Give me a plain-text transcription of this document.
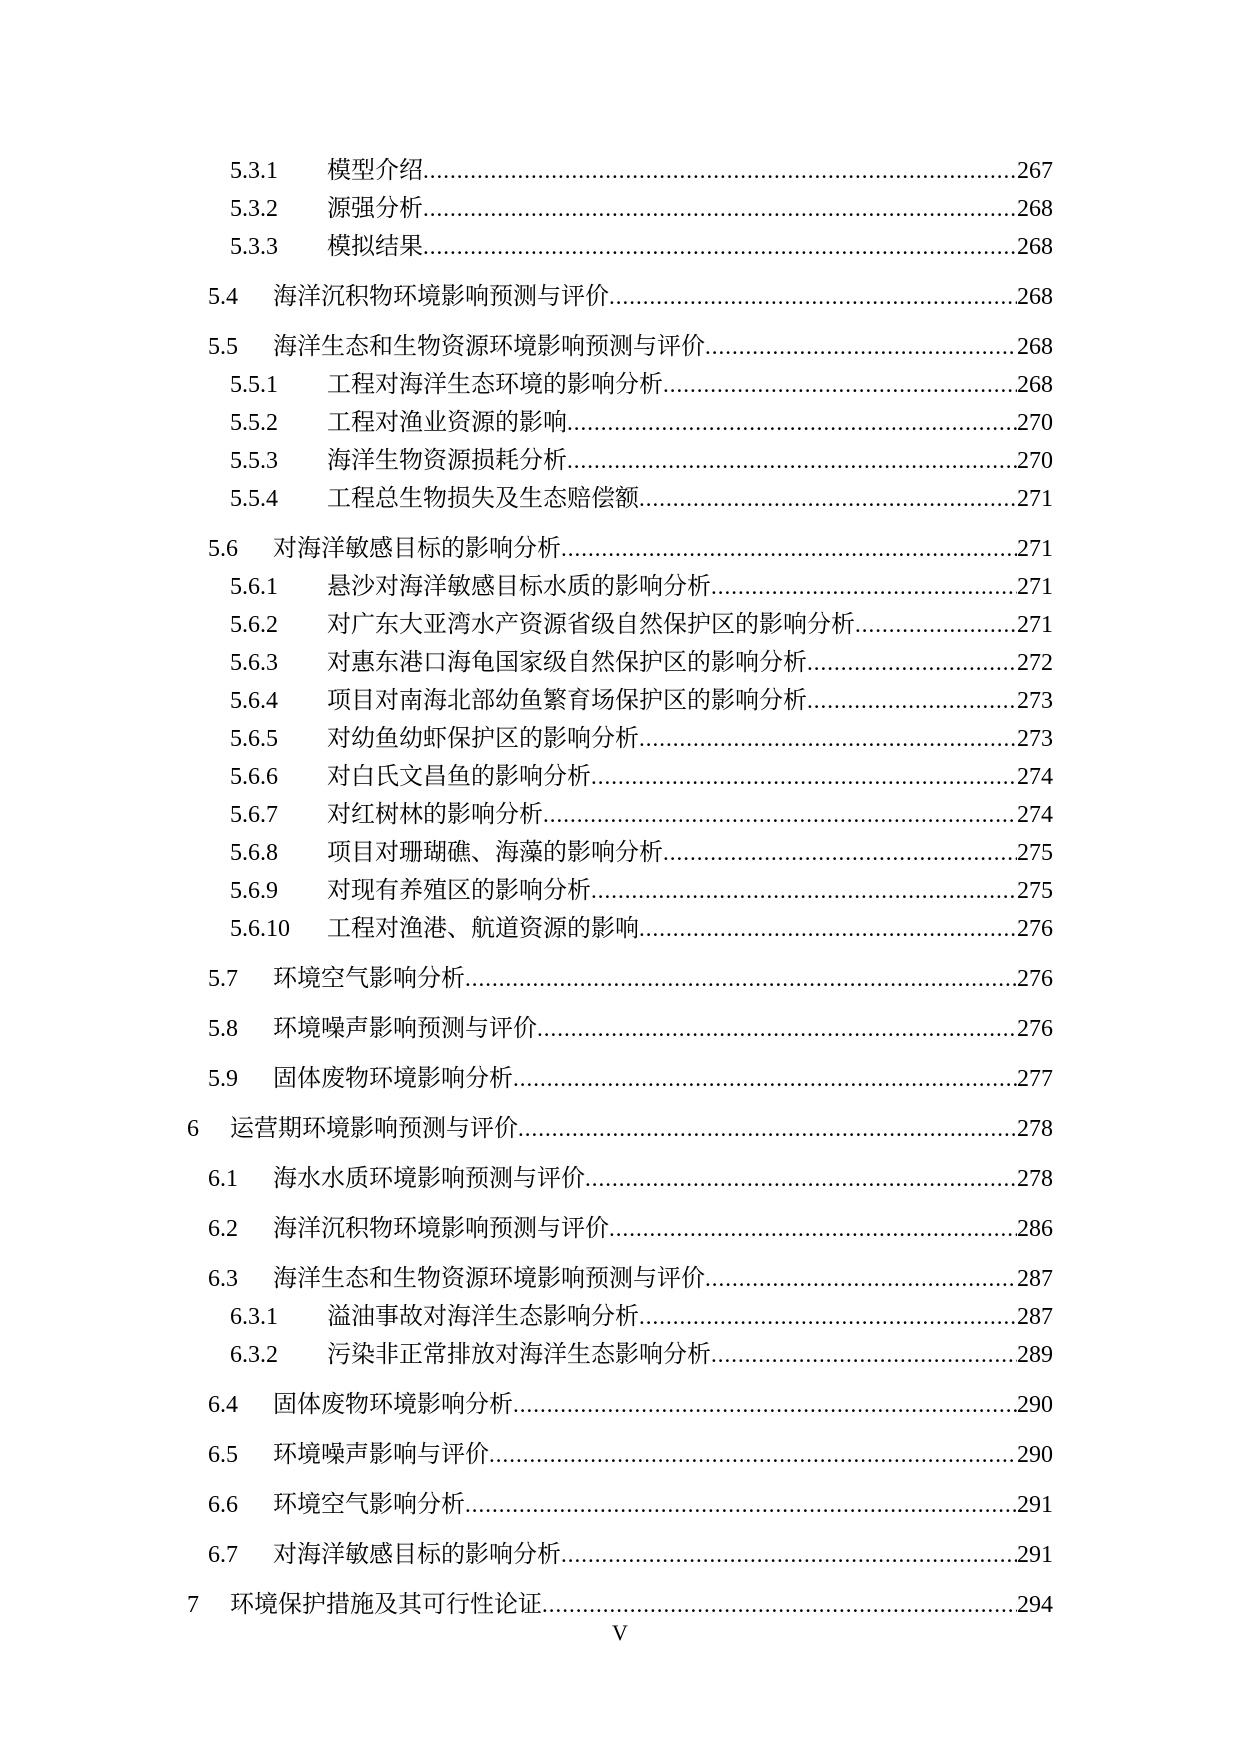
5.3.1	模型介绍 .....	267
5.3.2	源强分析 .....	268
5.3.3	模拟结果 .....	268
5.4	海洋沉积物环境影响预测与评价 .....	268
5.5	海洋生态和生物资源环境影响预测与评价 .....	268
5.5.1	工程对海洋生态环境的影响分析 .....	268
5.5.2	工程对渔业资源的影响 .....	270
5.5.3	海洋生物资源损耗分析 .....	270
5.5.4	工程总生物损失及生态赔偿额 .....	271
5.6	对海洋敏感目标的影响分析 .....	271
5.6.1	悬沙对海洋敏感目标水质的影响分析 .....	271
5.6.2	对广东大亚湾水产资源省级自然保护区的影响分析 .....	271
5.6.3	对惠东港口海龟国家级自然保护区的影响分析 .....	272
5.6.4	项目对南海北部幼鱼繁育场保护区的影响分析 .....	273
5.6.5	对幼鱼幼虾保护区的影响分析 .....	273
5.6.6	对白氏文昌鱼的影响分析 .....	274
5.6.7	对红树林的影响分析 .....	274
5.6.8	项目对珊瑚礁、海藻的影响分析 .....	275
5.6.9	对现有养殖区的影响分析 .....	275
5.6.10	工程对渔港、航道资源的影响 .....	276
5.7	环境空气影响分析 .....	276
5.8	环境噪声影响预测与评价 .....	276
5.9	固体废物环境影响分析 .....	277
6	运营期环境影响预测与评价 .....	278
6.1	海水水质环境影响预测与评价 .....	278
6.2	海洋沉积物环境影响预测与评价 .....	286
6.3	海洋生态和生物资源环境影响预测与评价 .....	287
6.3.1	溢油事故对海洋生态影响分析 .....	287
6.3.2	污染非正常排放对海洋生态影响分析 .....	289
6.4	固体废物环境影响分析 .....	290
6.5	环境噪声影响与评价 .....	290
6.6	环境空气影响分析 .....	291
6.7	对海洋敏感目标的影响分析 .....	291
7	环境保护措施及其可行性论证 .....	294
V
